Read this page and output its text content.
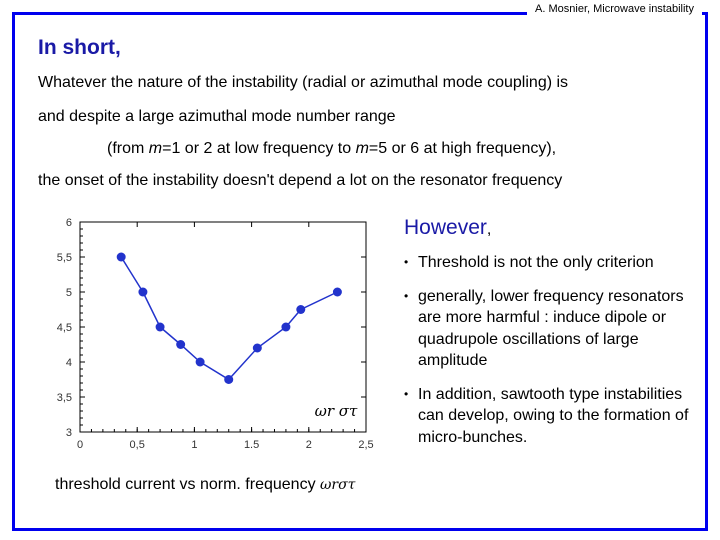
A. Mosnier, Microwave instability
In short,
Whatever the nature of the instability (radial or azimuthal mode coupling) is
and despite a large azimuthal mode number range
(from m=1 or 2 at low frequency to m=5 or 6 at high frequency),
the onset of the instability doesn't depend a lot on the resonator frequency
0	0,5	1	1.5	2	2,5
3
3,5
4
4,5
5
5,5
6
ωr στ
However,
• Threshold is not the only criterion
• generally, lower frequency resonators are more harmful : induce dipole or quadrupole oscillations of large amplitude
• In addition, sawtooth type instabilities can develop, owing to the formation of micro-bunches.
threshold current vs norm. frequency ωrστ
